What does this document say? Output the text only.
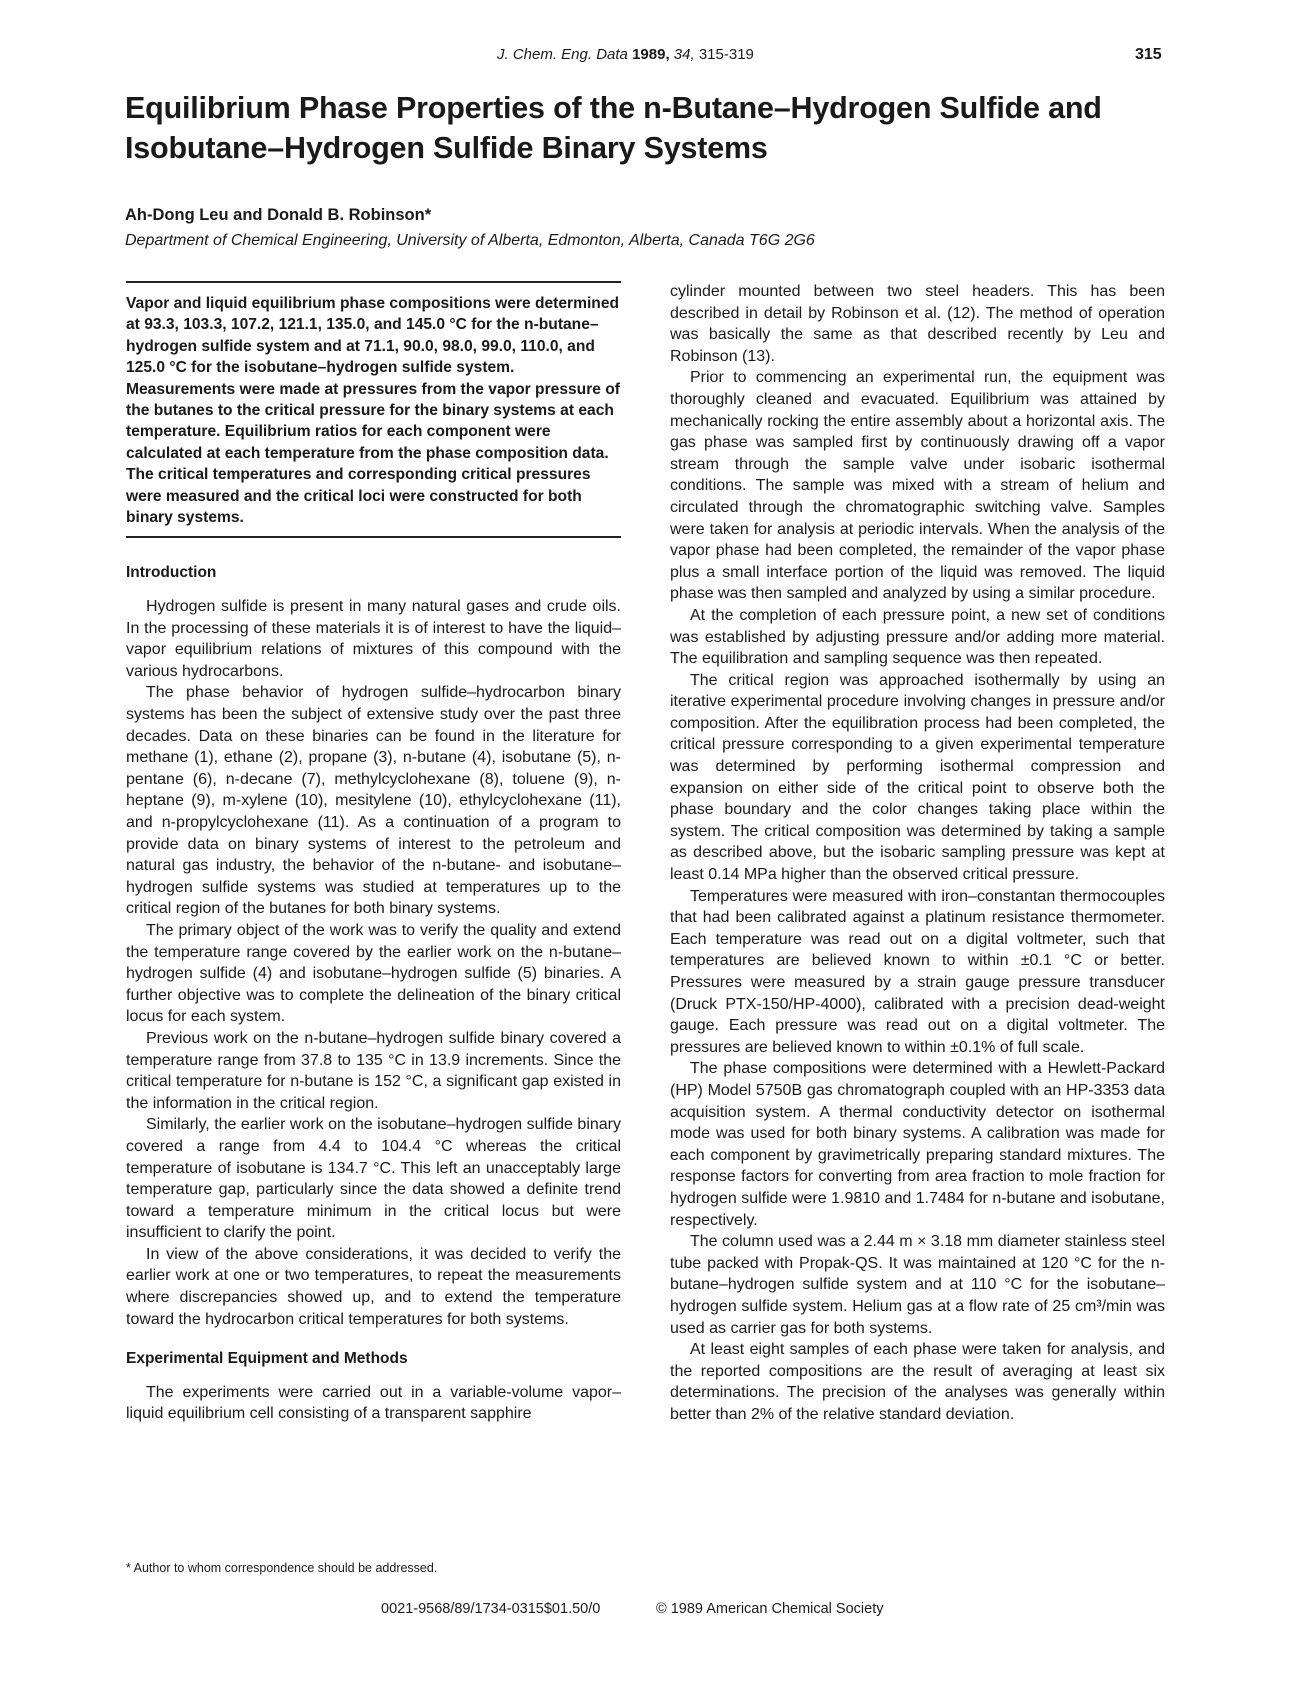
J. Chem. Eng. Data 1989, 34, 315-319	315
Equilibrium Phase Properties of the n-Butane–Hydrogen Sulfide and Isobutane–Hydrogen Sulfide Binary Systems
Ah-Dong Leu and Donald B. Robinson*
Department of Chemical Engineering, University of Alberta, Edmonton, Alberta, Canada T6G 2G6
Vapor and liquid equilibrium phase compositions were determined at 93.3, 103.3, 107.2, 121.1, 135.0, and 145.0 °C for the n-butane–hydrogen sulfide system and at 71.1, 90.0, 98.0, 99.0, 110.0, and 125.0 °C for the isobutane–hydrogen sulfide system. Measurements were made at pressures from the vapor pressure of the butanes to the critical pressure for the binary systems at each temperature. Equilibrium ratios for each component were calculated at each temperature from the phase composition data. The critical temperatures and corresponding critical pressures were measured and the critical loci were constructed for both binary systems.
Introduction

Hydrogen sulfide is present in many natural gases and crude oils. In the processing of these materials it is of interest to have the liquid–vapor equilibrium relations of mixtures of this compound with the various hydrocarbons.

The phase behavior of hydrogen sulfide–hydrocarbon binary systems has been the subject of extensive study over the past three decades. Data on these binaries can be found in the literature for methane (1), ethane (2), propane (3), n-butane (4), isobutane (5), n-pentane (6), n-decane (7), methylcyclohexane (8), toluene (9), n-heptane (9), m-xylene (10), mesitylene (10), ethylcyclohexane (11), and n-propylcyclohexane (11). As a continuation of a program to provide data on binary systems of interest to the petroleum and natural gas industry, the behavior of the n-butane- and isobutane–hydrogen sulfide systems was studied at temperatures up to the critical region of the butanes for both binary systems.

The primary object of the work was to verify the quality and extend the temperature range covered by the earlier work on the n-butane–hydrogen sulfide (4) and isobutane–hydrogen sulfide (5) binaries. A further objective was to complete the delineation of the binary critical locus for each system.

Previous work on the n-butane–hydrogen sulfide binary covered a temperature range from 37.8 to 135 °C in 13.9 increments. Since the critical temperature for n-butane is 152 °C, a significant gap existed in the information in the critical region.

Similarly, the earlier work on the isobutane–hydrogen sulfide binary covered a range from 4.4 to 104.4 °C whereas the critical temperature of isobutane is 134.7 °C. This left an unacceptably large temperature gap, particularly since the data showed a definite trend toward a temperature minimum in the critical locus but were insufficient to clarify the point.

In view of the above considerations, it was decided to verify the earlier work at one or two temperatures, to repeat the measurements where discrepancies showed up, and to extend the temperature toward the hydrocarbon critical temperatures for both systems.

Experimental Equipment and Methods

The experiments were carried out in a variable-volume vapor–liquid equilibrium cell consisting of a transparent sapphire

cylinder mounted between two steel headers. This has been described in detail by Robinson et al. (12). The method of operation was basically the same as that described recently by Leu and Robinson (13).

Prior to commencing an experimental run, the equipment was thoroughly cleaned and evacuated. Equilibrium was attained by mechanically rocking the entire assembly about a horizontal axis. The gas phase was sampled first by continuously drawing off a vapor stream through the sample valve under isobaric isothermal conditions. The sample was mixed with a stream of helium and circulated through the chromatographic switching valve. Samples were taken for analysis at periodic intervals. When the analysis of the vapor phase had been completed, the remainder of the vapor phase plus a small interface portion of the liquid was removed. The liquid phase was then sampled and analyzed by using a similar procedure.

At the completion of each pressure point, a new set of conditions was established by adjusting pressure and/or adding more material. The equilibration and sampling sequence was then repeated.

The critical region was approached isothermally by using an iterative experimental procedure involving changes in pressure and/or composition. After the equilibration process had been completed, the critical pressure corresponding to a given experimental temperature was determined by performing isothermal compression and expansion on either side of the critical point to observe both the phase boundary and the color changes taking place within the system. The critical composition was determined by taking a sample as described above, but the isobaric sampling pressure was kept at least 0.14 MPa higher than the observed critical pressure.

Temperatures were measured with iron–constantan thermocouples that had been calibrated against a platinum resistance thermometer. Each temperature was read out on a digital voltmeter, such that temperatures are believed known to within ±0.1 °C or better. Pressures were measured by a strain gauge pressure transducer (Druck PTX-150/HP-4000), calibrated with a precision dead-weight gauge. Each pressure was read out on a digital voltmeter. The pressures are believed known to within ±0.1% of full scale.

The phase compositions were determined with a Hewlett-Packard (HP) Model 5750B gas chromatograph coupled with an HP-3353 data acquisition system. A thermal conductivity detector on isothermal mode was used for both binary systems. A calibration was made for each component by gravimetrically preparing standard mixtures. The response factors for converting from area fraction to mole fraction for hydrogen sulfide were 1.9810 and 1.7484 for n-butane and isobutane, respectively.

The column used was a 2.44 m × 3.18 mm diameter stainless steel tube packed with Propak-QS. It was maintained at 120 °C for the n-butane–hydrogen sulfide system and at 110 °C for the isobutane–hydrogen sulfide system. Helium gas at a flow rate of 25 cm³/min was used as carrier gas for both systems.

At least eight samples of each phase were taken for analysis, and the reported compositions are the result of averaging at least six determinations. The precision of the analyses was generally within better than 2% of the relative standard deviation.

* Author to whom correspondence should be addressed.
0021-9568/89/1734-0315$01.50/0	© 1989 American Chemical Society
